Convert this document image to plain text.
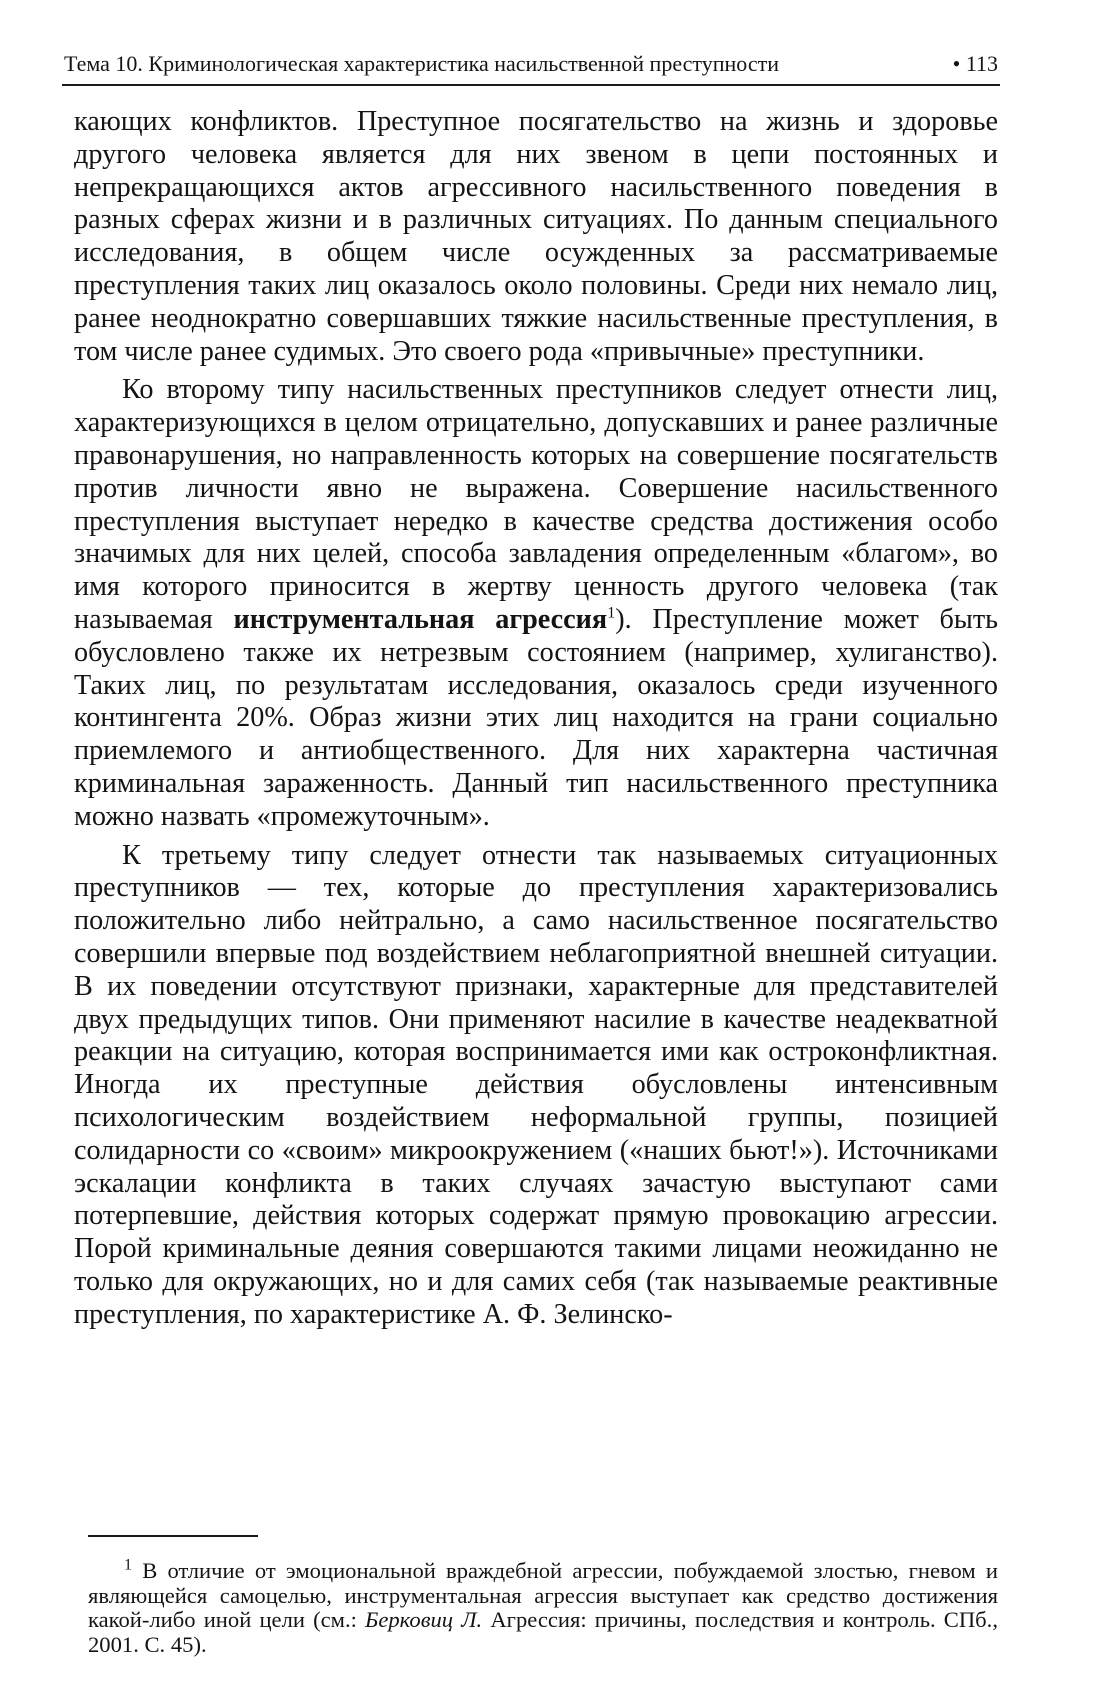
Тема 10. Криминологическая характеристика насильственной преступности	• 113

кающих конфликтов. Преступное посягательство на жизнь и здоровье другого человека является для них звеном в цепи постоянных и непрекращающихся актов агрессивного насильственного поведения в разных сферах жизни и в различных ситуациях. По данным специального исследования, в общем числе осужденных за рассматриваемые преступления таких лиц оказалось около половины. Среди них немало лиц, ранее неоднократно совершавших тяжкие насильственные преступления, в том числе ранее судимых. Это своего рода «привычные» преступники.

Ко второму типу насильственных преступников следует отнести лиц, характеризующихся в целом отрицательно, допускавших и ранее различные правонарушения, но направленность которых на совершение посягательств против личности явно не выражена. Совершение насильственного преступления выступает нередко в качестве средства достижения особо значимых для них целей, способа завладения определенным «благом», во имя которого приносится в жертву ценность другого человека (так называемая инструментальная агрессия$^1$). Преступление может быть обусловлено также их нетрезвым состоянием (например, хулиганство). Таких лиц, по результатам исследования, оказалось среди изученного контингента 20%. Образ жизни этих лиц находится на грани социально приемлемого и антиобщественного. Для них характерна частичная криминальная зараженность. Данный тип насильственного преступника можно назвать «промежуточным».

К третьему типу следует отнести так называемых ситуационных преступников — тех, которые до преступления характеризовались положительно либо нейтрально, а само насильственное посягательство совершили впервые под воздействием неблагоприятной внешней ситуации. В их поведении отсутствуют признаки, характерные для представителей двух предыдущих типов. Они применяют насилие в качестве неадекватной реакции на ситуацию, которая воспринимается ими как остроконфликтная. Иногда их преступные действия обусловлены интенсивным психологическим воздействием неформальной группы, позицией солидарности со «своим» микроокружением («наших бьют!»). Источниками эскалации конфликта в таких случаях зачастую выступают сами потерпевшие, действия которых содержат прямую провокацию агрессии. Порой криминальные деяния совершаются такими лицами неожиданно не только для окружающих, но и для самих себя (так называемые реактивные преступления, по характеристике А. Ф. Зелинско-

$^1$ В отличие от эмоциональной враждебной агрессии, побуждаемой злостью, гневом и являющейся самоцелью, инструментальная агрессия выступает как средство достижения какой-либо иной цели (см.: Берковиц Л. Агрессия: причины, последствия и контроль. СПб., 2001. С. 45).
